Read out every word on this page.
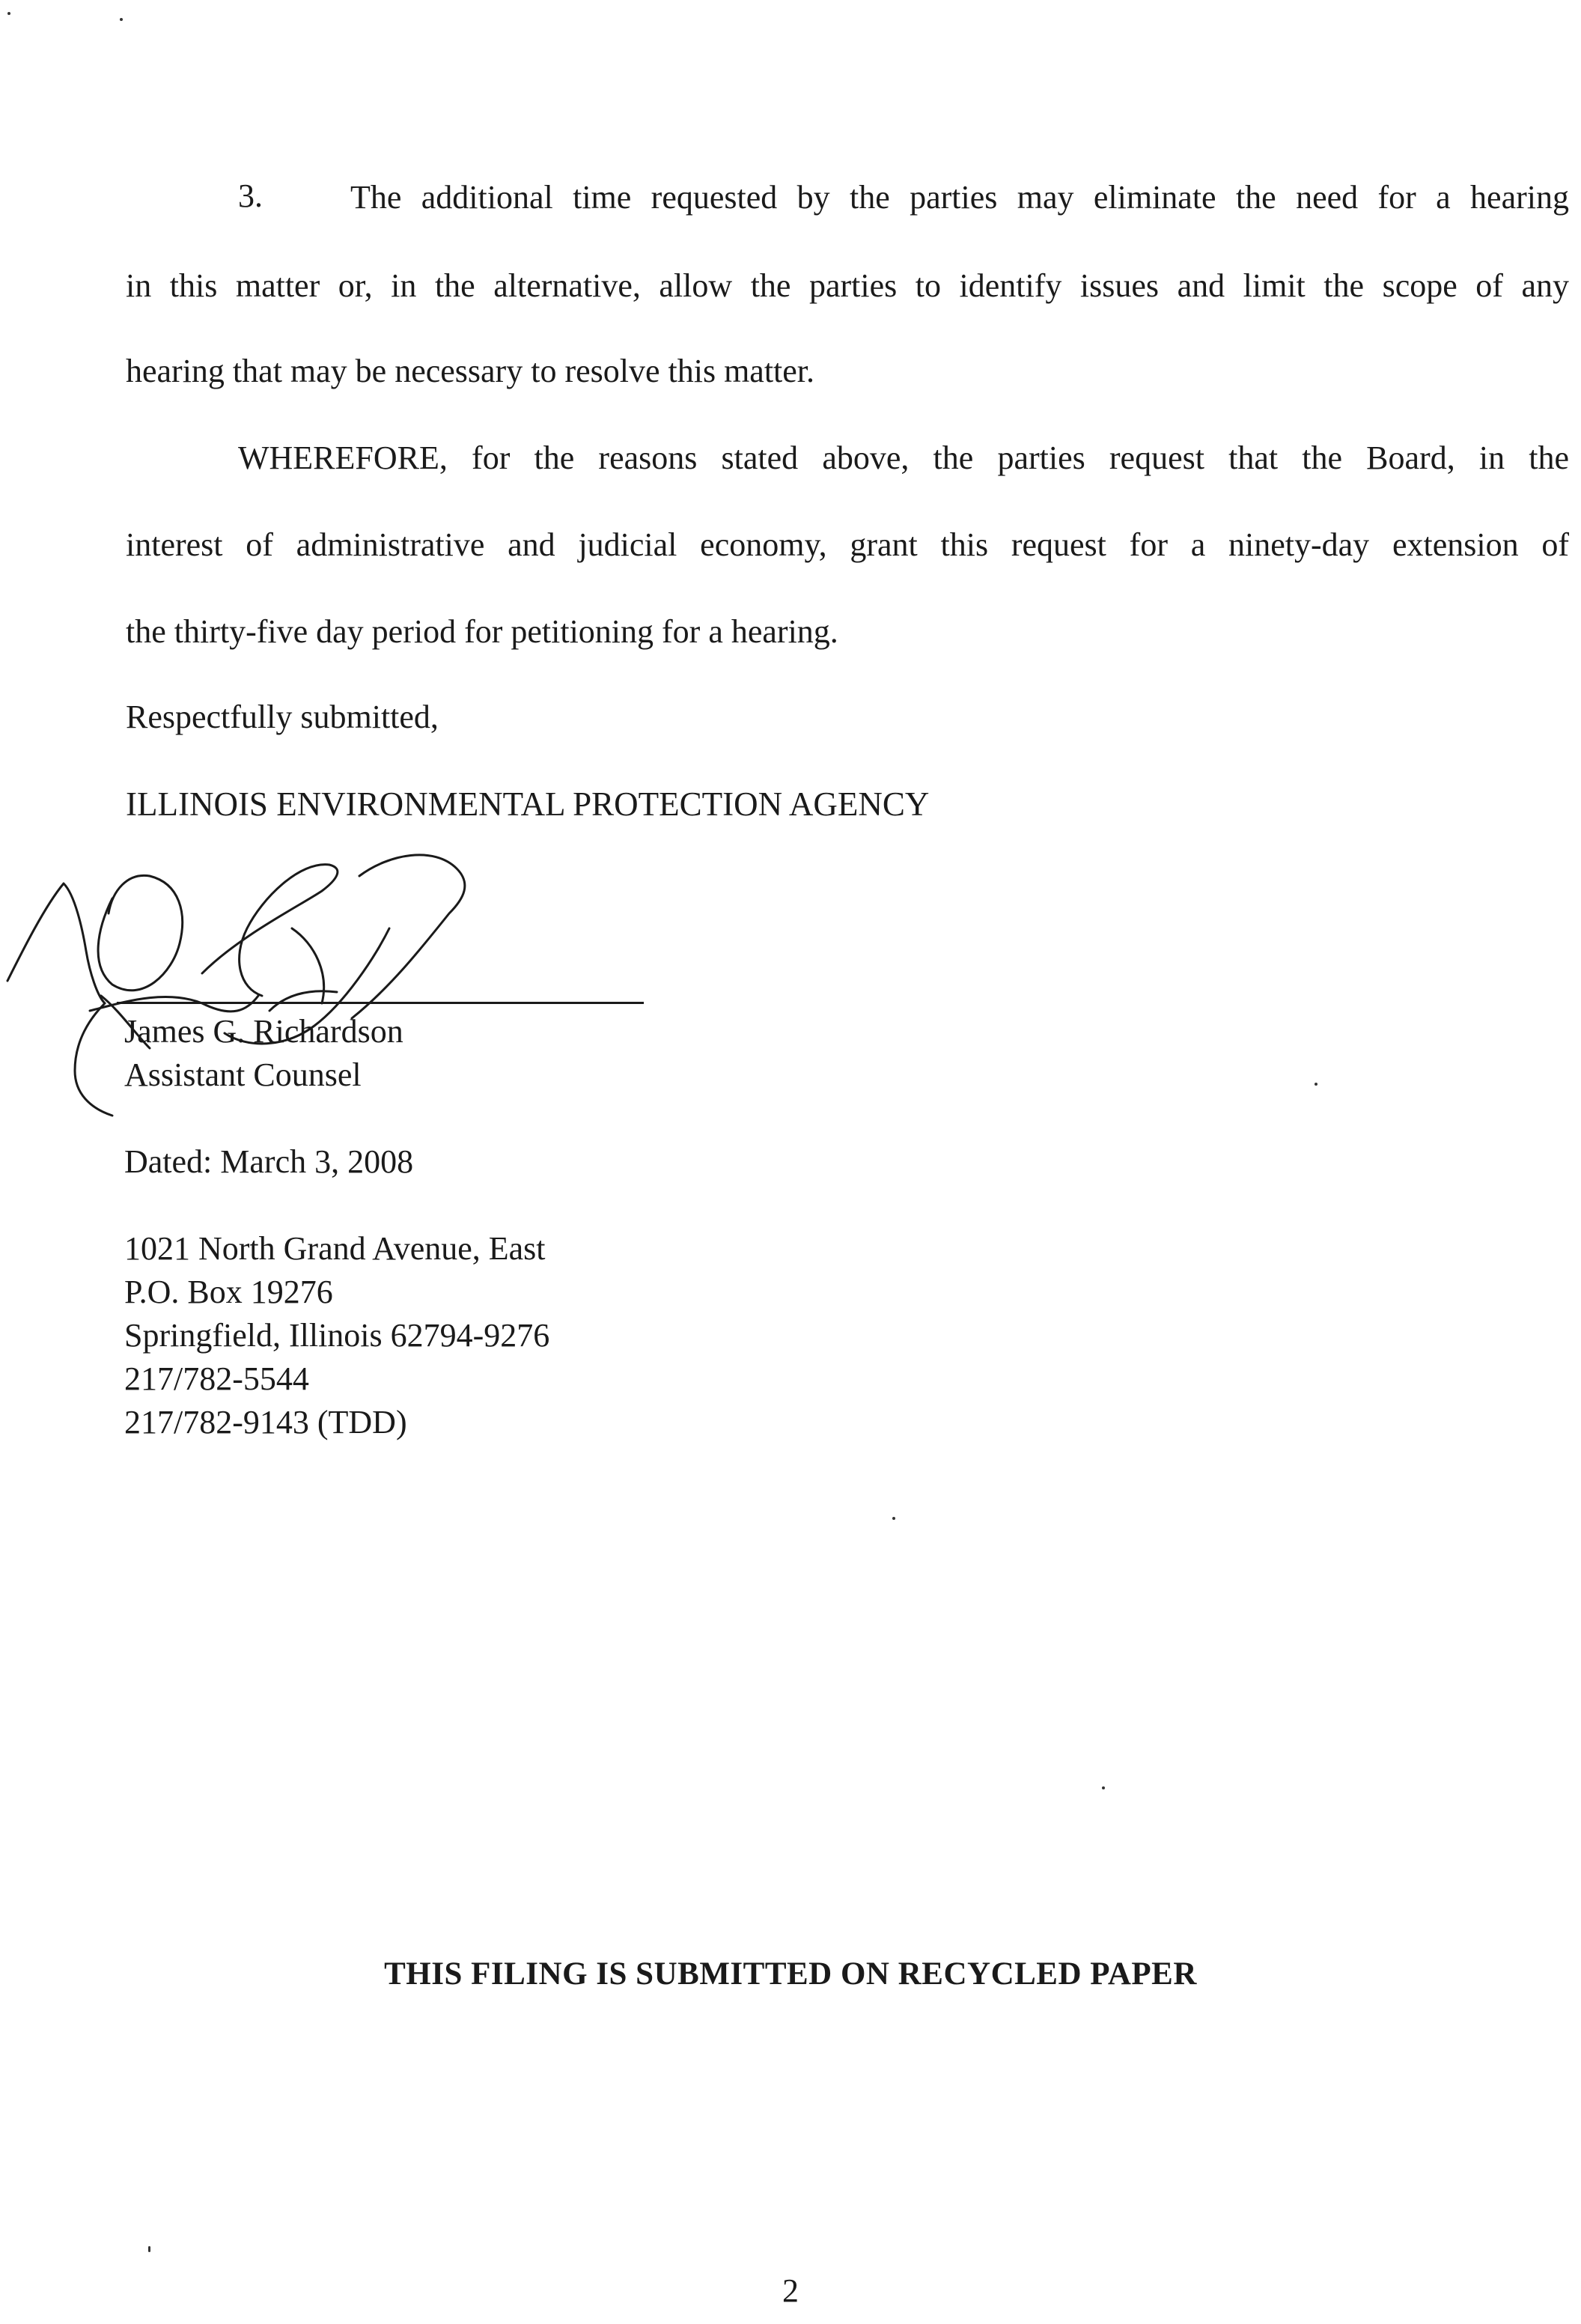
3.	The additional time requested by the parties may eliminate the need for a hearing
in this matter or, in the alternative, allow the parties to identify issues and limit the scope of any
hearing that may be necessary to resolve this matter.
WHEREFORE, for the reasons stated above, the parties request that the Board, in the
interest of administrative and judicial economy, grant this request for a ninety-day extension of
the thirty-five day period for petitioning for a hearing.
Respectfully submitted,
ILLINOIS ENVIRONMENTAL PROTECTION AGENCY
James G. Richardson
Assistant Counsel
Dated: March 3, 2008
1021 North Grand Avenue, East
P.O. Box 19276
Springfield, Illinois 62794-9276
217/782-5544
217/782-9143 (TDD)
THIS FILING IS SUBMITTED ON RECYCLED PAPER
2
